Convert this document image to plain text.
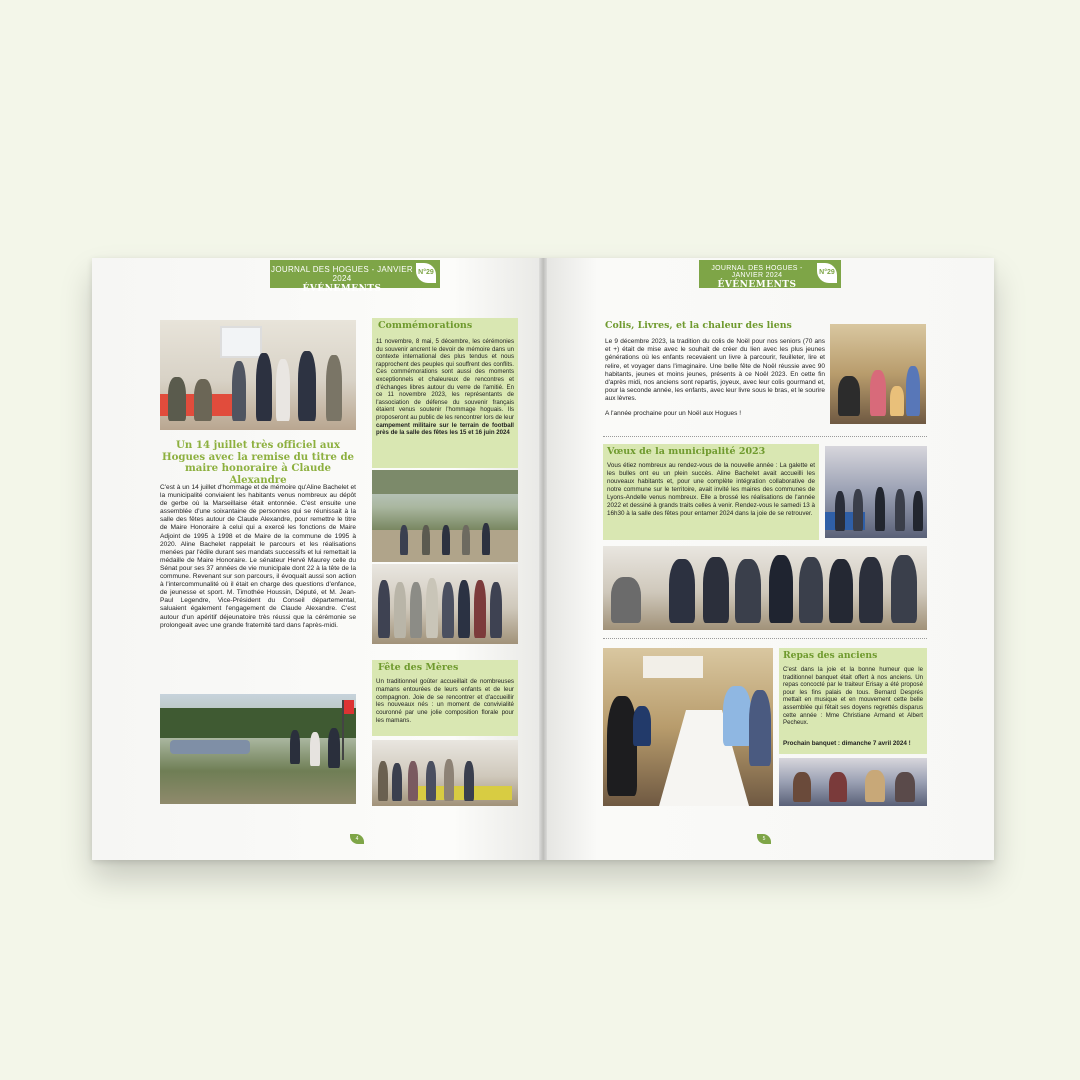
JOURNAL DES HOGUES - JANVIER 2024
ÉVÉNEMENTS
N°29
Un 14 juillet très officiel aux Hogues avec la remise du titre de maire honoraire à Claude Alexandre
C'est à un 14 juillet d'hommage et de mémoire qu'Aline Bachelet et la municipalité conviaient les habitants venus nombreux au dépôt de gerbe où la Marseillaise était entonnée. C'est ensuite une assemblée d'une soixantaine de personnes qui se réunissait à la salle des fêtes autour de Claude Alexandre, pour remettre le titre de Maire Honoraire à celui qui a exercé les fonctions de Maire Adjoint de 1995 à 1998 et de Maire de la commune de 1995 à 2020. Aline Bachelet rappelait le parcours et les réalisations menées par l'édile durant ses mandats successifs et lui remettait la médaille de Maire Honoraire. Le sénateur Hervé Maurey celle du Sénat pour ses 37 années de vie municipale dont 22 à la tête de la commune. Revenant sur son parcours, il évoquait aussi son action à l'intercommunalité où il était en charge des questions d'enfance, de jeunesse et sport. M. Timothée Houssin, Député, et M. Jean-Paul Legendre, Vice-Président du Conseil départemental, saluaient également l'engagement de Claude Alexandre. C'est autour d'un apéritif déjeunatoire très réussi que la cérémonie se prolongeait avec une grande fraternité tard dans l'après-midi.
Commémorations
11 novembre, 8 mai, 5 décembre, les cérémonies du souvenir ancrent le devoir de mémoire dans un contexte international des plus tendus et nous rapprochent des peuples qui souffrent des conflits. Ces commémorations sont aussi des moments exceptionnels et chaleureux de rencontres et d'échanges libres autour du verre de l'amitié. En ce 11 novembre 2023, les représentants de l'association de défense du souvenir français étaient venus soutenir l'hommage hoguais. Ils proposeront au public de les rencontrer lors de leur campement militaire sur le terrain de football près de la salle des fêtes les 15 et 16 juin 2024
Fête des Mères
Un traditionnel goûter accueillait de nombreuses mamans entourées de leurs enfants et de leur compagnon. Joie de se rencontrer et d'accueillir les nouveaux nés : un moment de convivialité couronné par une jolie composition florale pour les mamans.
4
JOURNAL DES HOGUES - JANVIER 2024
ÉVÉNEMENTS
N°29
Colis, Livres, et la chaleur des liens
Le 9 décembre 2023, la tradition du colis de Noël pour nos seniors (70 ans et +) était de mise avec le souhait de créer du lien avec les plus jeunes générations où les enfants recevaient un livre à parcourir, feuilleter, lire et relire, et voyager dans l'imaginaire. Une belle fête de Noël réussie avec 90 habitants, jeunes et moins jeunes, présents à ce Noël 2023. En cette fin d'après midi, nos anciens sont repartis, joyeux, avec leur colis gourmand et, pour la seconde année, les enfants, avec leur livre sous le bras, et le sourire aux lèvres.
A l'année prochaine pour un Noël aux Hogues !
Vœux de la municipalité 2023
Vous étiez nombreux au rendez-vous de la nouvelle année : La galette et les bulles ont eu un plein succès. Aline Bachelet avait accueilli les nouveaux habitants et, pour une complète intégration collaborative de notre commune sur le territoire, avait invité les maires des communes de Lyons-Andelle venus nombreux. Elle a brossé les réalisations de l'année 2022 et dessiné à grands traits celles à venir. Rendez-vous le samedi 13 à 16h30 à la salle des fêtes pour entamer 2024 dans la joie de se retrouver.
Repas des anciens
C'est dans la joie et la bonne humeur que le traditionnel banquet était offert à nos anciens. Un repas concocté par le traiteur Erisay a été proposé pour les fins palais de tous. Bernard Després mettait en musique et en mouvement cette belle assemblée qui fêtait ses doyens regrettés disparus cette année : Mme Christiane Armand et Albert Pecheux.
Prochain banquet : dimanche 7 avril 2024 !
5
